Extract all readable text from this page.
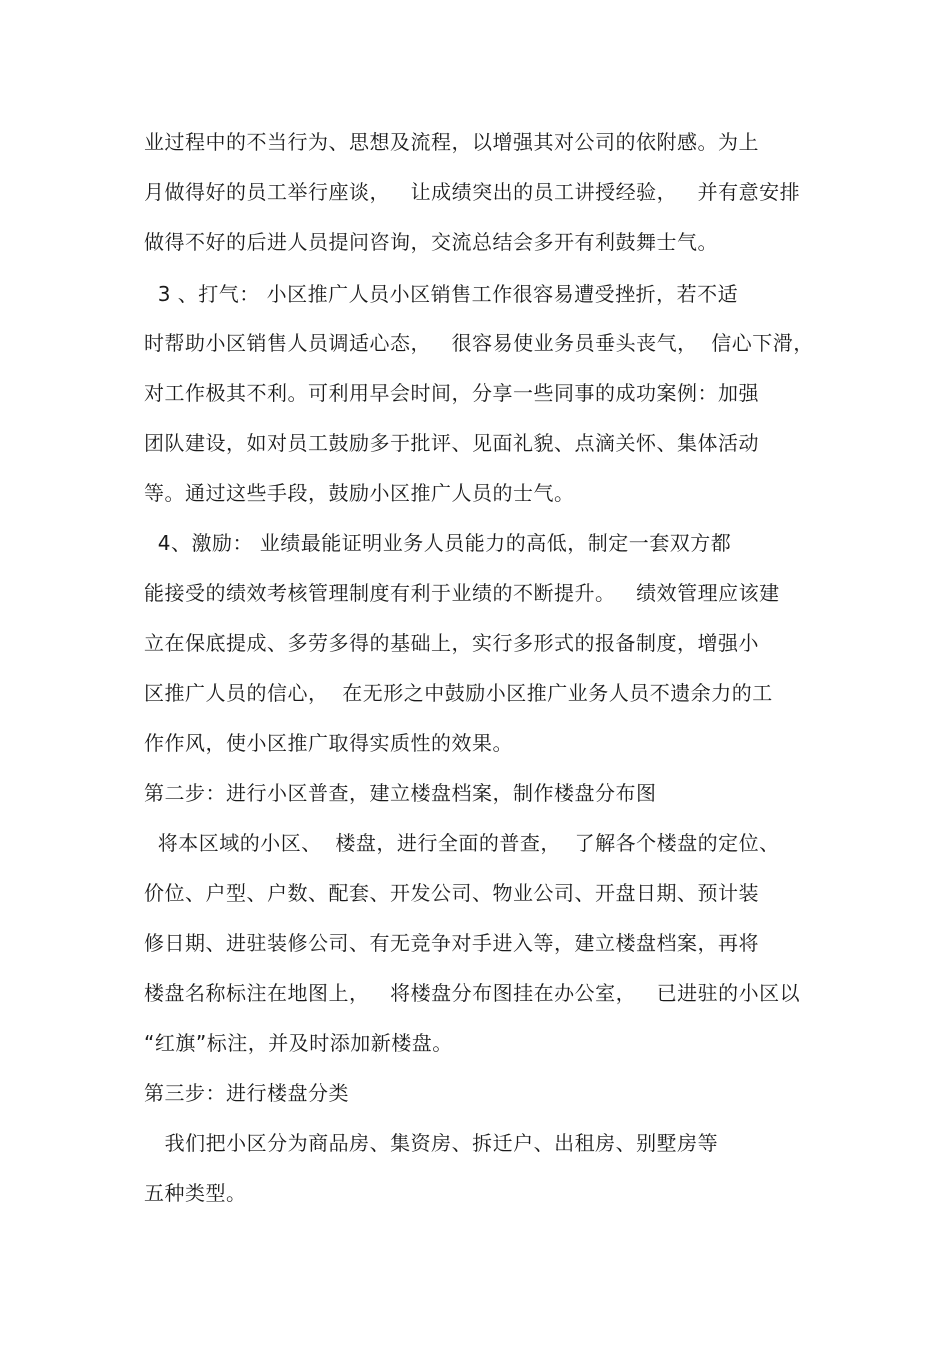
业过程中的不当行为、思想及流程，以增强其对公司的依附感。为上
月做得好的员工举行座谈，   让成绩突出的员工讲授经验，   并有意安排
做得不好的后进人员提问咨询，交流总结会多开有利鼓舞士气。
3 、打气： 小区推广人员小区销售工作很容易遭受挫折，若不适
时帮助小区销售人员调适心态，   很容易使业务员垂头丧气，  信心下滑，
对工作极其不利。可利用早会时间，分享一些同事的成功案例：加强
团队建设，如对员工鼓励多于批评、见面礼貌、点滴关怀、集体活动
等。通过这些手段，鼓励小区推广人员的士气。
4、激励： 业绩最能证明业务人员能力的高低，制定一套双方都
能接受的绩效考核管理制度有利于业绩的不断提升。   绩效管理应该建
立在保底提成、多劳多得的基础上，实行多形式的报备制度，增强小
区推广人员的信心，  在无形之中鼓励小区推广业务人员不遗余力的工
作作风，使小区推广取得实质性的效果。
第二步：进行小区普查，建立楼盘档案，制作楼盘分布图
将本区域的小区、  楼盘，进行全面的普查，  了解各个楼盘的定位、
价位、户型、户数、配套、开发公司、物业公司、开盘日期、预计装
修日期、进驻装修公司、有无竞争对手进入等，建立楼盘档案，再将
楼盘名称标注在地图上，   将楼盘分布图挂在办公室，   已进驻的小区以
“红旗”标注，并及时添加新楼盘。
第三步：进行楼盘分类
我们把小区分为商品房、集资房、拆迁户、出租房、别墅房等
五种类型。
